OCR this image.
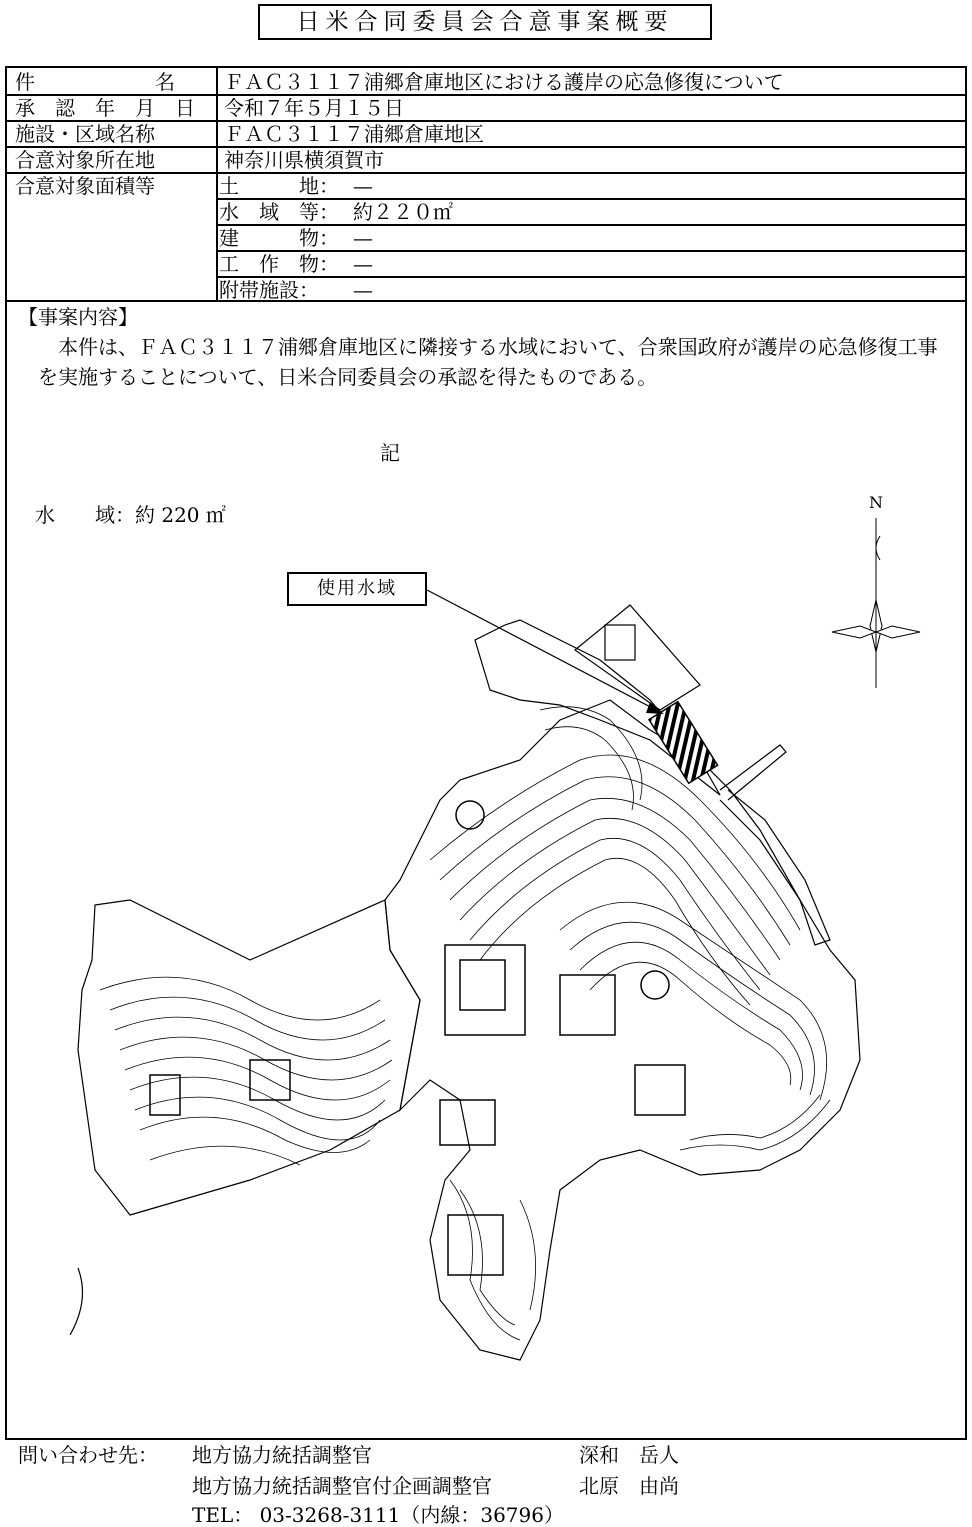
日米合同委員会合意事案概要
件　　　　　　名	ＦＡＣ３１１７浦郷倉庫地区における護岸の応急修復について
承　認　年　月　日	令和７年５月１５日
施設・区域名称	ＦＡＣ３１１７浦郷倉庫地区
合意対象所在地	神奈川県横須賀市
合意対象面積等	土　　　地： —
水　域　等： 約２２０㎡
建　　　物： —
工　作　物： —
附帯施設： —
【事案内容】
　本件は、ＦＡＣ３１１７浦郷倉庫地区に隣接する水域において、合衆国政府が護岸の応急修復工事を実施することについて、日米合同委員会の承認を得たものである。
記
水　　域：約 220 ㎡
N
使用水域
問い合わせ先： 地方協力統括調整官	深和　岳人
地方協力統括調整官付企画調整官	北原　由尚
TEL： 03-3268-3111（内線：36796）
